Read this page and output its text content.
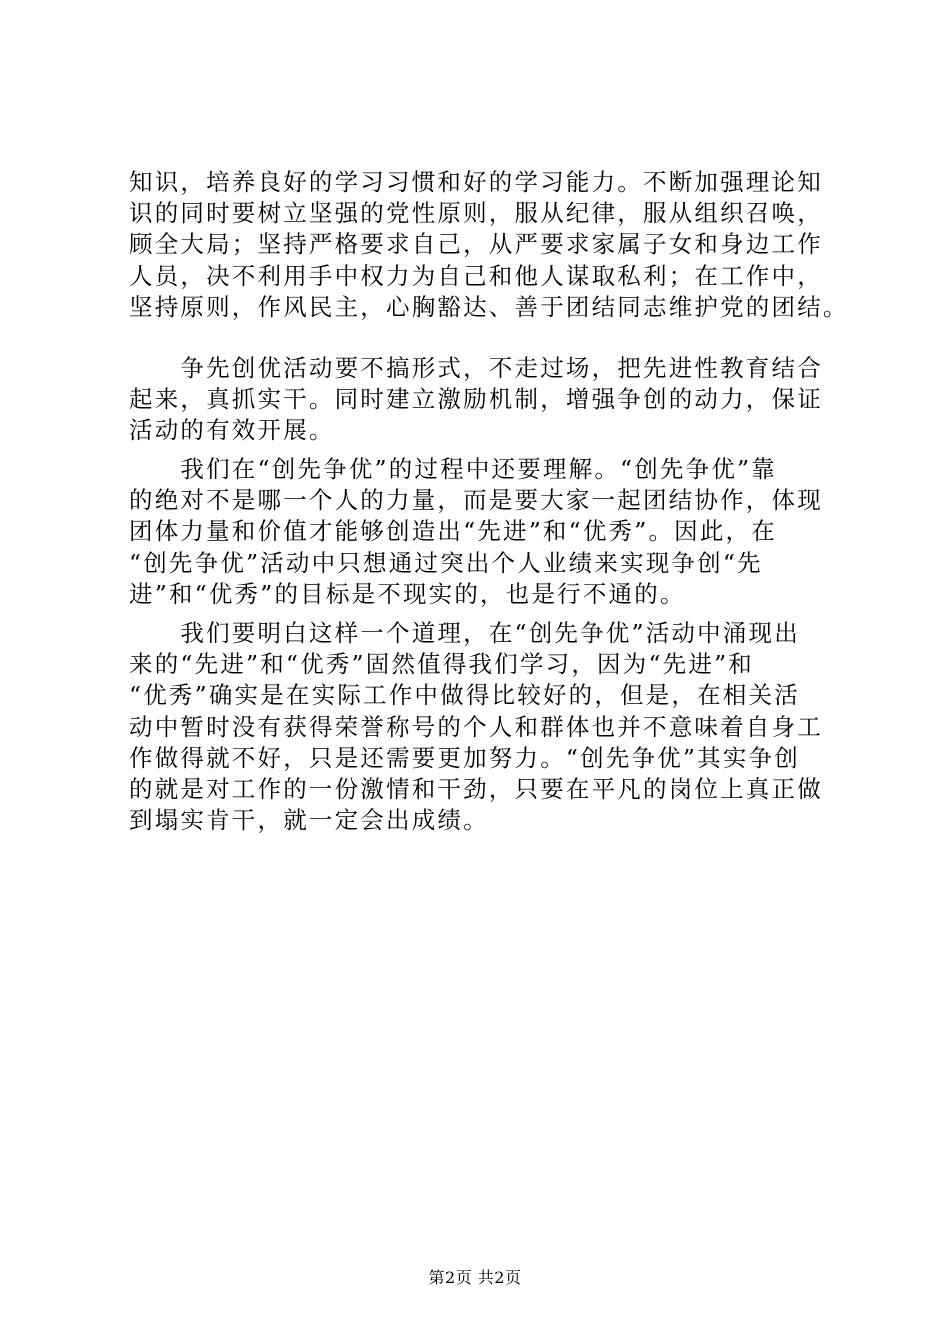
知识，培养良好的学习习惯和好的学习能力。不断加强理论知
识的同时要树立坚强的党性原则，服从纪律，服从组织召唤，
顾全大局；坚持严格要求自己，从严要求家属子女和身边工作
人员，决不利用手中权力为自己和他人谋取私利；在工作中，
坚持原则，作风民主，心胸豁达、善于团结同志维护党的团结。
　　争先创优活动要不搞形式，不走过场，把先进性教育结合
起来，真抓实干。同时建立激励机制，增强争创的动力，保证
活动的有效开展。
　　我们在“创先争优”的过程中还要理解。“创先争优”靠
的绝对不是哪一个人的力量，而是要大家一起团结协作，体现
团体力量和价值才能够创造出“先进”和“优秀”。因此，在
“创先争优”活动中只想通过突出个人业绩来实现争创“先
进”和“优秀”的目标是不现实的，也是行不通的。
　　我们要明白这样一个道理，在“创先争优”活动中涌现出
来的“先进”和“优秀”固然值得我们学习，因为“先进”和
“优秀”确实是在实际工作中做得比较好的，但是，在相关活
动中暂时没有获得荣誉称号的个人和群体也并不意味着自身工
作做得就不好，只是还需要更加努力。“创先争优”其实争创
的就是对工作的一份激情和干劲，只要在平凡的岗位上真正做
到塌实肯干，就一定会出成绩。
第2页 共2页
